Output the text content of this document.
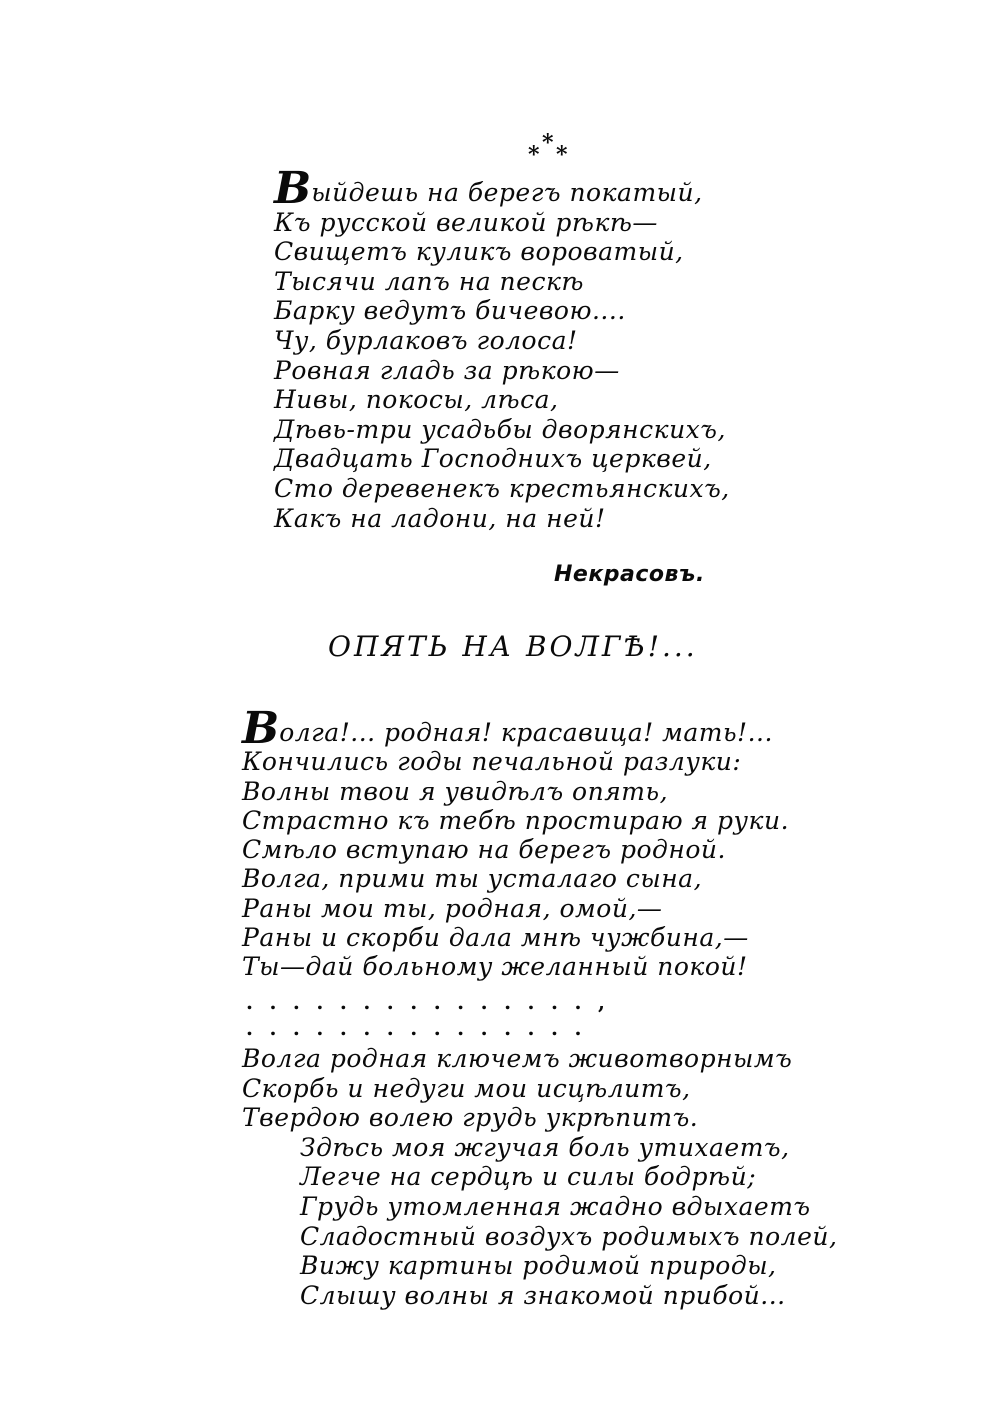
*
* *
Выйдешь на берегъ покатый,
Къ русской великой рѣкѣ—
Свищетъ куликъ вороватый,
Тысячи лапъ на пескѣ
Барку ведутъ бичевою....
Чу, бурлаковъ голоса!
Ровная гладь за рѣкою—
Нивы, покосы, лѣса,
Дѣвь-три усадьбы дворянскихъ,
Двадцать Господнихъ церквей,
Сто деревенекъ крестьянскихъ,
Какъ на ладони, на ней!
Некрасовъ.
ОПЯТЬ НА ВОЛГѢ!...
Волга!... родная! красавица! мать!...
Кончились годы печальной разлуки:
Волны твои я увидѣлъ опять,
Страстно къ тебѣ простираю я руки.
Смѣло вступаю на берегъ родной.
Волга, прими ты усталаго сына,
Раны мои ты, родная, омой,—
Раны и скорби дала мнѣ чужбина,—
Ты—дай больному желанный покой!
...............,
...............
Волга родная ключемъ животворнымъ
Скорбь и недуги мои исцѣлитъ,
Твердою волею грудь укрѣпитъ.
Здѣсь моя жгучая боль утихаетъ,
Легче на сердцѣ и силы бодрѣй;
Грудь утомленная жадно вдыхаетъ
Сладостный воздухъ родимыхъ полей,
Вижу картины родимой природы,
Слышу волны я знакомой прибой...
